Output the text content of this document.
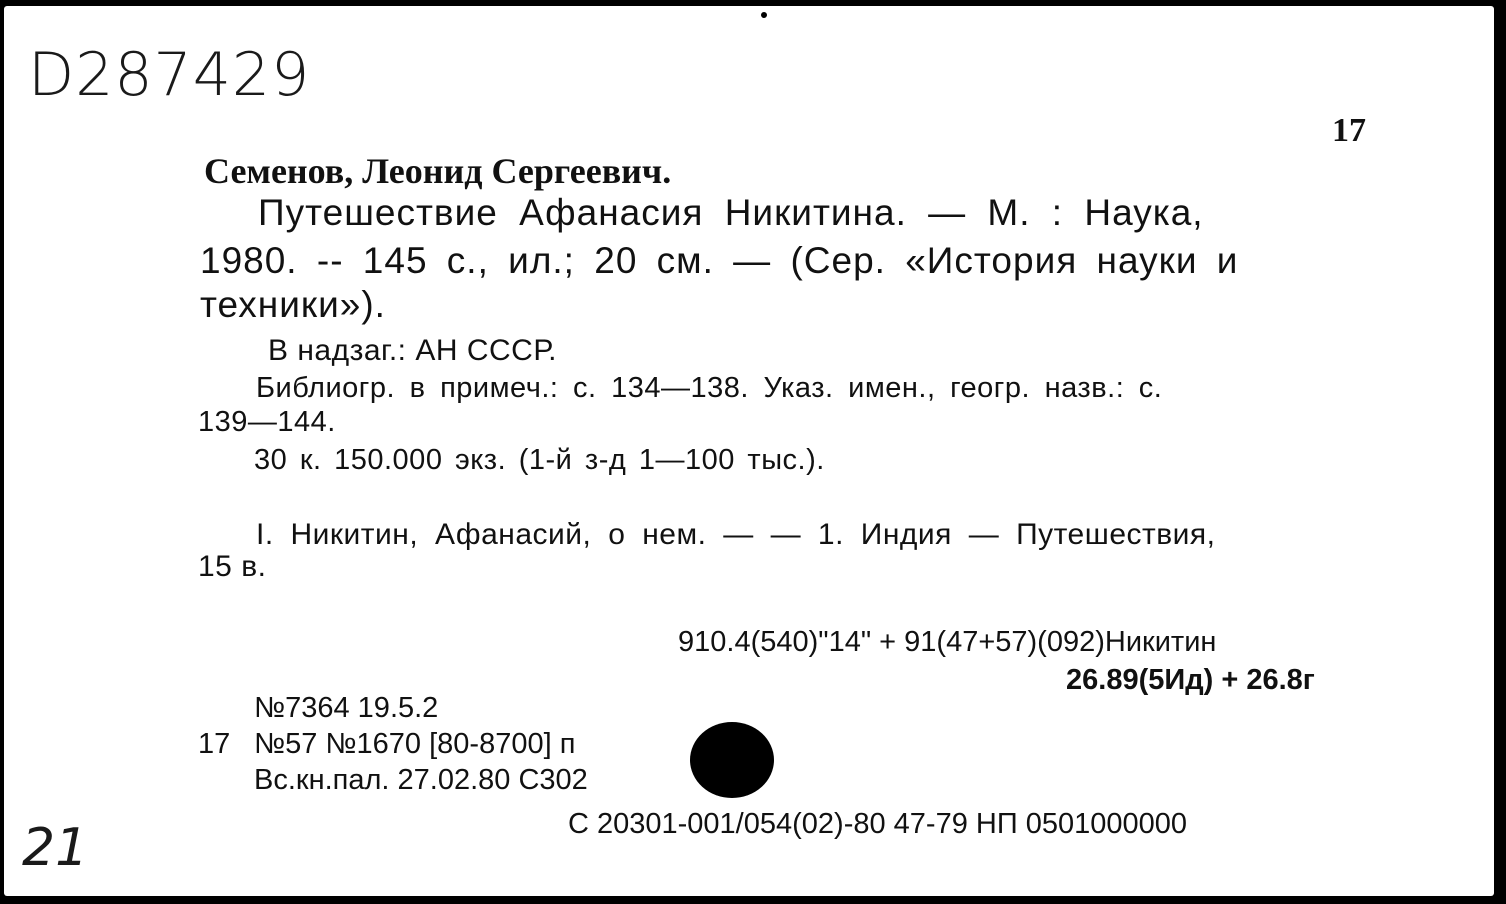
D287429
17
Семенов, Леонид Сергеевич.
Путешествие Афанасия Никитина. — М. : Наука,
1980. -- 145 с., ил.; 20 см. — (Сер. «История науки и
техники»).
В надзаг.: АН СССР.
Библиогр. в примеч.: с. 134—138. Указ. имен., геогр. назв.: с.
139—144.
30 к. 150.000 экз. (1-й з-д 1—100 тыс.).
I. Никитин, Афанасий, о нем. — — 1. Индия — Путешествия,
15 в.
910.4(540)"14" + 91(47+57)(092)Никитин
26.89(5Ид) + 26.8г
№7364 19.5.2
17 №57 №1670 [80-8700] п
Вс.кн.пал. 27.02.80 С302
С 20301-001/054(02)-80 47-79 НП 0501000000
21
